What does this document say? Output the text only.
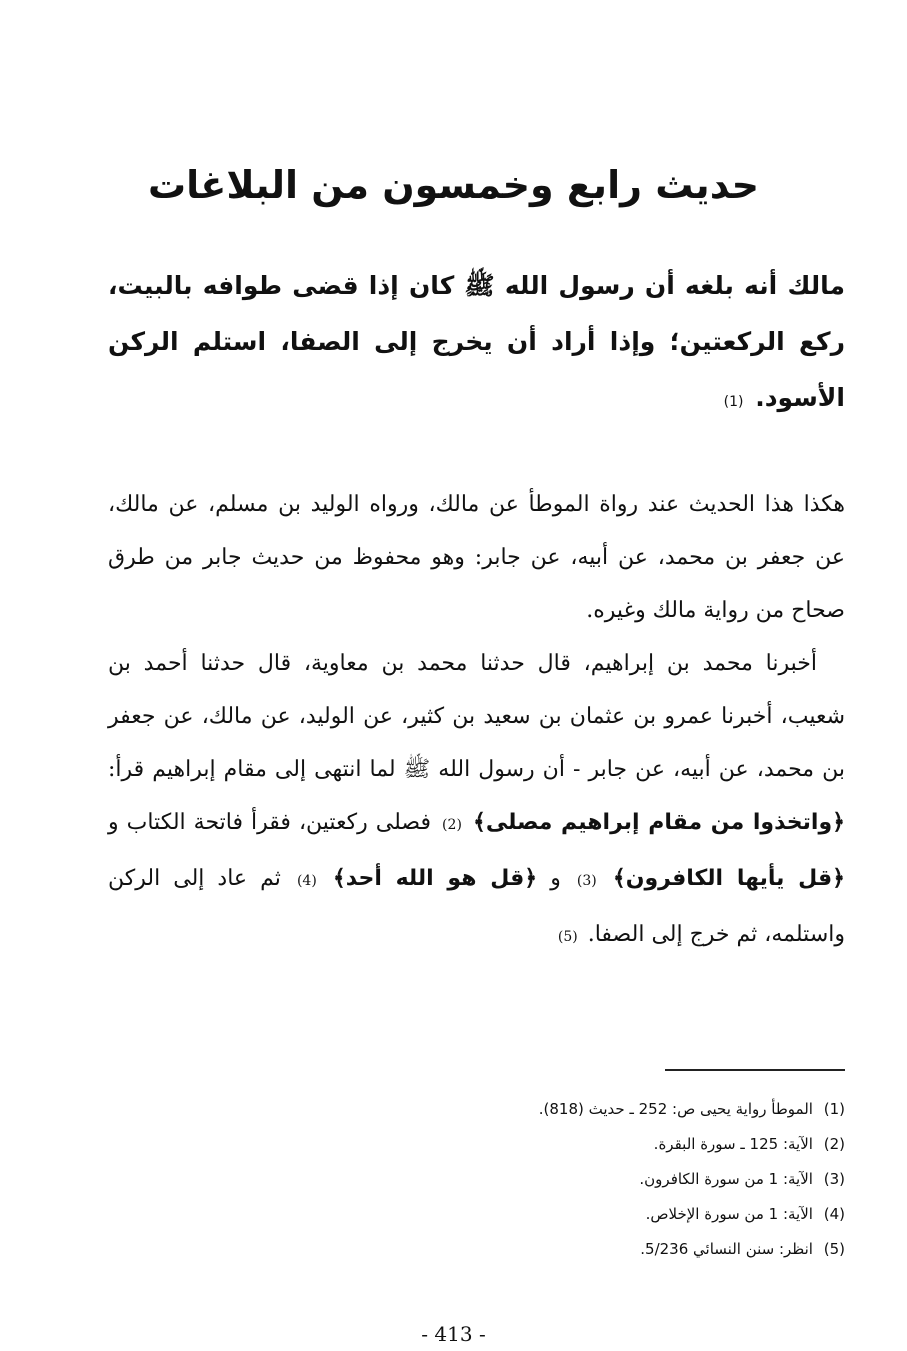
حديث رابع وخمسون من البلاغات
مالك أنه بلغه أن رسول الله ﷺ كان إذا قضى طوافه بالبيت، ركع الركعتين؛ وإذا أراد أن يخرج إلى الصفا، استلم الركن الأسود. (1)

هكذا هذا الحديث عند رواة الموطأ عن مالك، ورواه الوليد بن مسلم، عن مالك، عن جعفر بن محمد، عن أبيه، عن جابر: وهو محفوظ من حديث جابر من طرق صحاح من رواية مالك وغيره.

أخبرنا محمد بن إبراهيم، قال حدثنا محمد بن معاوية، قال حدثنا أحمد بن شعيب، أخبرنا عمرو بن عثمان بن سعيد بن كثير، عن الوليد، عن مالك، عن جعفر بن محمد، عن أبيه، عن جابر - أن رسول الله ﷺ لما انتهى إلى مقام إبراهيم قرأ: ﴿واتخذوا من مقام إبراهيم مصلى﴾ (2) فصلى ركعتين، فقرأ فاتحة الكتاب و ﴿قل يأيها الكافرون﴾ (3) و ﴿قل هو الله أحد﴾ (4) ثم عاد إلى الركن واستلمه، ثم خرج إلى الصفا. (5)

(1) الموطأ رواية يحيى ص: 252 ـ حديث (818).
(2) الآية: 125 ـ سورة البقرة.
(3) الآية: 1 من سورة الكافرون.
(4) الآية: 1 من سورة الإخلاص.
(5) انظر: سنن النسائي 5/236.
- 413 -
